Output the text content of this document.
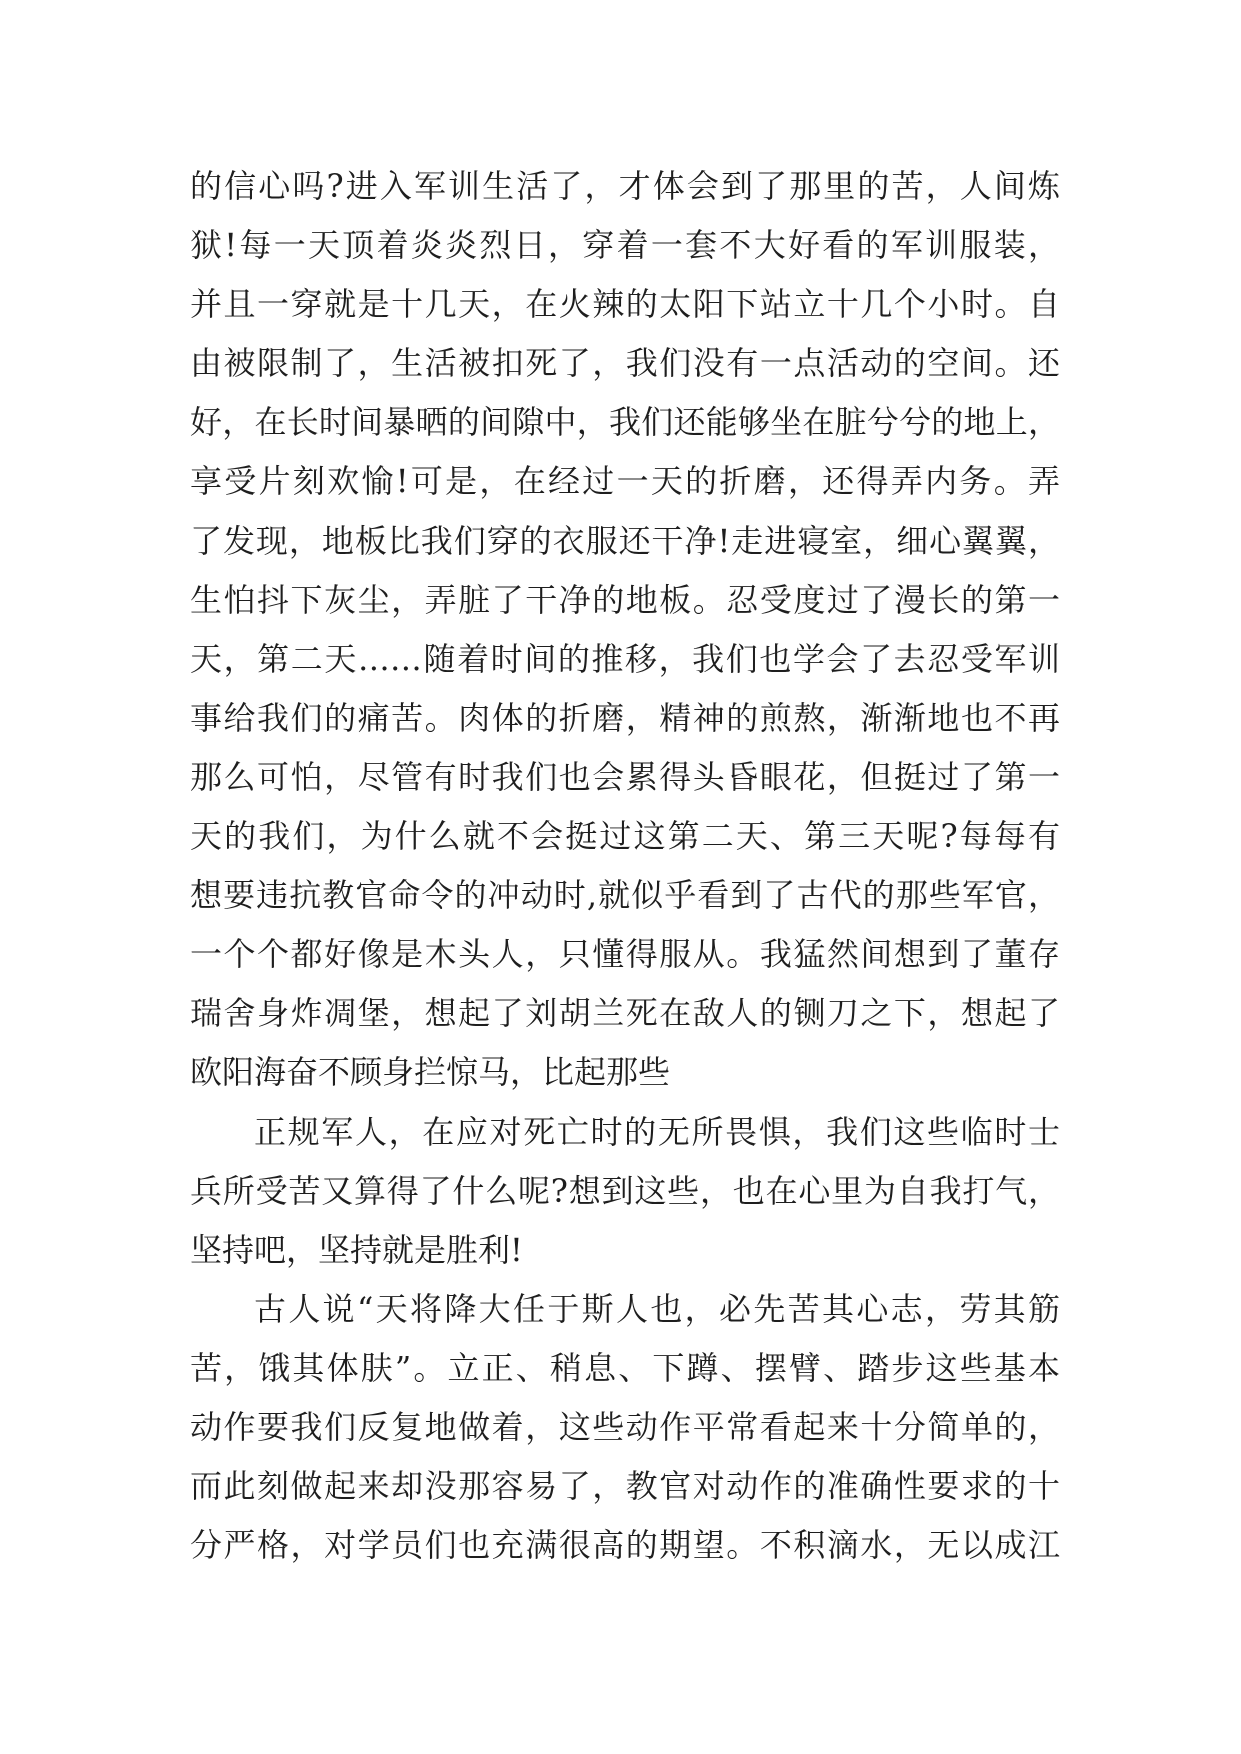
的信心吗?进入军训生活了，才体会到了那里的苦，人间炼
狱!每一天顶着炎炎烈日，穿着一套不大好看的军训服装，
并且一穿就是十几天，在火辣的太阳下站立十几个小时。自
由被限制了，生活被扣死了，我们没有一点活动的空间。还
好，在长时间暴晒的间隙中，我们还能够坐在脏兮兮的地上，
享受片刻欢愉!可是，在经过一天的折磨，还得弄内务。弄
了发现，地板比我们穿的衣服还干净!走进寝室，细心翼翼，
生怕抖下灰尘，弄脏了干净的地板。忍受度过了漫长的第一
天，第二天……随着时间的推移，我们也学会了去忍受军训
事给我们的痛苦。肉体的折磨，精神的煎熬，渐渐地也不再
那么可怕，尽管有时我们也会累得头昏眼花，但挺过了第一
天的我们，为什么就不会挺过这第二天、第三天呢?每每有
想要违抗教官命令的冲动时,就似乎看到了古代的那些军官，
一个个都好像是木头人，只懂得服从。我猛然间想到了董存
瑞舍身炸凋堡，想起了刘胡兰死在敌人的铡刀之下，想起了
欧阳海奋不顾身拦惊马，比起那些
正规军人，在应对死亡时的无所畏惧，我们这些临时士
兵所受苦又算得了什么呢?想到这些，也在心里为自我打气，
坚持吧，坚持就是胜利!
古人说“天将降大任于斯人也，必先苦其心志，劳其筋
苦，饿其体肤”。立正、稍息、下蹲、摆臂、踏步这些基本
动作要我们反复地做着，这些动作平常看起来十分简单的，
而此刻做起来却没那容易了，教官对动作的准确性要求的十
分严格，对学员们也充满很高的期望。不积滴水，无以成江
